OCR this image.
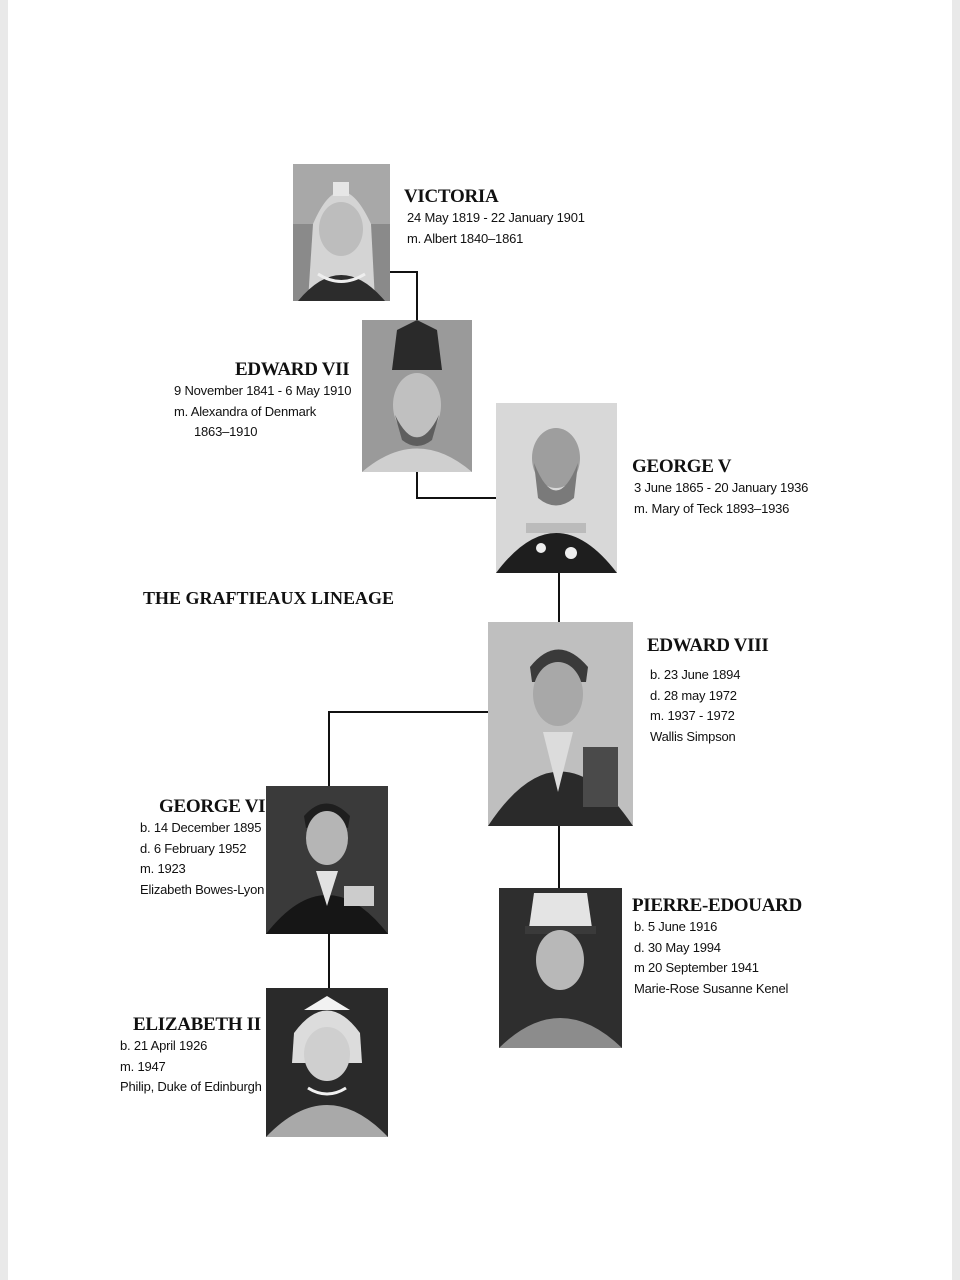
VICTORIA
24 May 1819 - 22 January 1901
m. Albert 1840–1861
EDWARD VII
9 November 1841 - 6 May 1910
m. Alexandra of Denmark
1863–1910
GEORGE V
3 June 1865 - 20 January 1936
m. Mary of Teck 1893–1936
THE GRAFTIEAUX LINEAGE
EDWARD VIII
b. 23 June 1894
d. 28 may 1972
m. 1937 - 1972
Wallis Simpson
GEORGE VI
b. 14 December 1895
d. 6 February 1952
m. 1923
Elizabeth Bowes-Lyon
PIERRE-EDOUARD
b. 5 June 1916
d. 30 May 1994
m 20 September 1941
Marie-Rose Susanne Kenel
ELIZABETH II
b. 21 April 1926
m. 1947
Philip, Duke of Edinburgh
